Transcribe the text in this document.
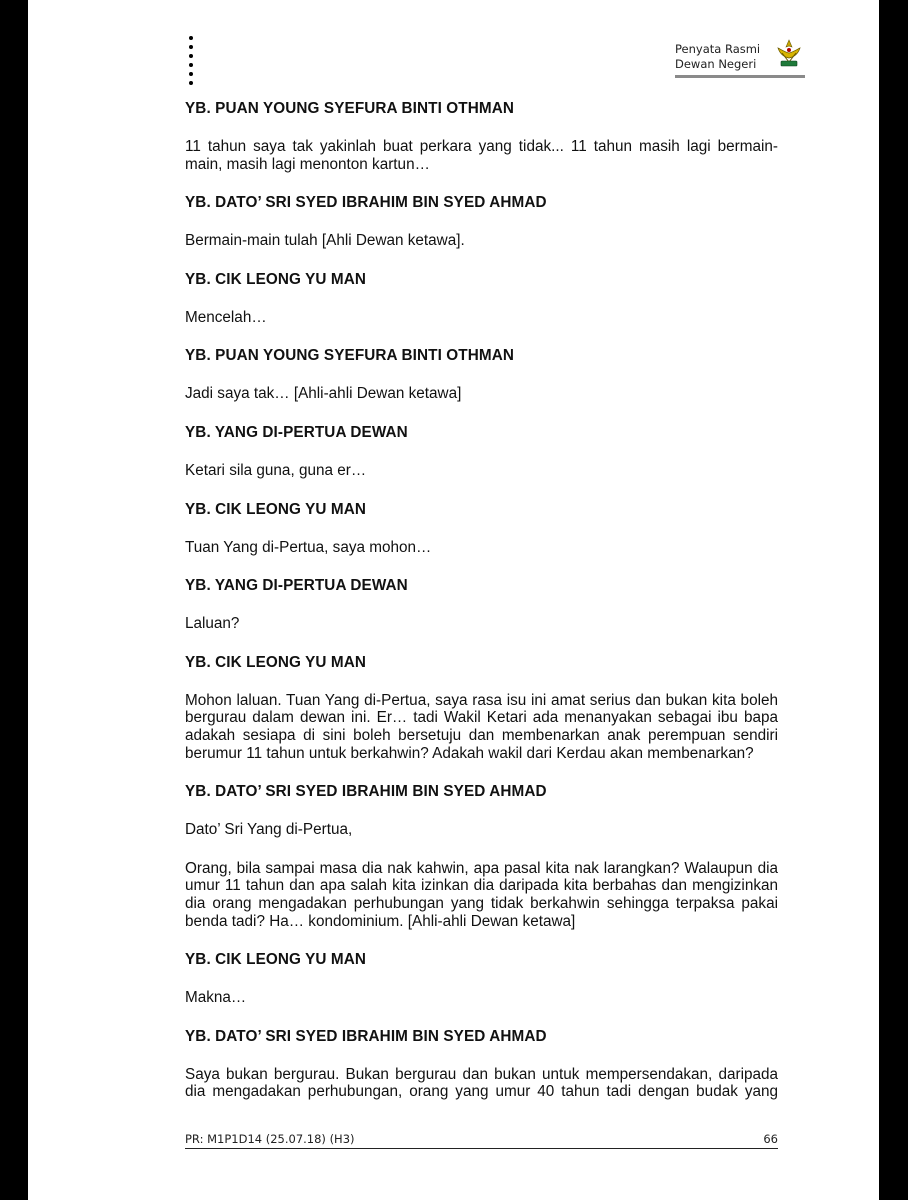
Penyata Rasmi
Dewan Negeri
YB. PUAN YOUNG SYEFURA BINTI OTHMAN
11 tahun saya tak yakinlah buat perkara yang tidak... 11 tahun masih lagi bermain-main, masih lagi menonton kartun…
YB. DATO’ SRI SYED IBRAHIM BIN SYED AHMAD
Bermain-main tulah [Ahli Dewan ketawa].
YB. CIK LEONG YU MAN
Mencelah…
YB. PUAN YOUNG SYEFURA BINTI OTHMAN
Jadi saya tak… [Ahli-ahli Dewan ketawa]
YB. YANG DI-PERTUA DEWAN
Ketari sila guna, guna er…
YB. CIK LEONG YU MAN
Tuan Yang di-Pertua, saya mohon…
YB. YANG DI-PERTUA DEWAN
Laluan?
YB. CIK LEONG YU MAN
Mohon laluan. Tuan Yang di-Pertua, saya rasa isu ini amat serius dan bukan kita boleh bergurau dalam dewan ini. Er… tadi Wakil Ketari ada menanyakan sebagai ibu bapa adakah sesiapa di sini boleh bersetuju dan membenarkan anak perempuan sendiri berumur 11 tahun untuk berkahwin? Adakah wakil dari Kerdau akan membenarkan?
YB. DATO’ SRI SYED IBRAHIM BIN SYED AHMAD
Dato’ Sri Yang di-Pertua,
Orang, bila sampai masa dia nak kahwin, apa pasal kita nak larangkan? Walaupun dia umur 11 tahun dan apa salah kita izinkan dia daripada kita berbahas dan mengizinkan dia orang mengadakan perhubungan yang tidak berkahwin sehingga terpaksa pakai benda tadi? Ha… kondominium. [Ahli-ahli Dewan ketawa]
YB. CIK LEONG YU MAN
Makna…
YB. DATO’ SRI SYED IBRAHIM BIN SYED AHMAD
Saya bukan bergurau. Bukan bergurau dan bukan untuk mempersendakan, daripada dia mengadakan perhubungan, orang yang umur 40 tahun tadi dengan budak yang
PR: M1P1D14 (25.07.18) (H3)	66
